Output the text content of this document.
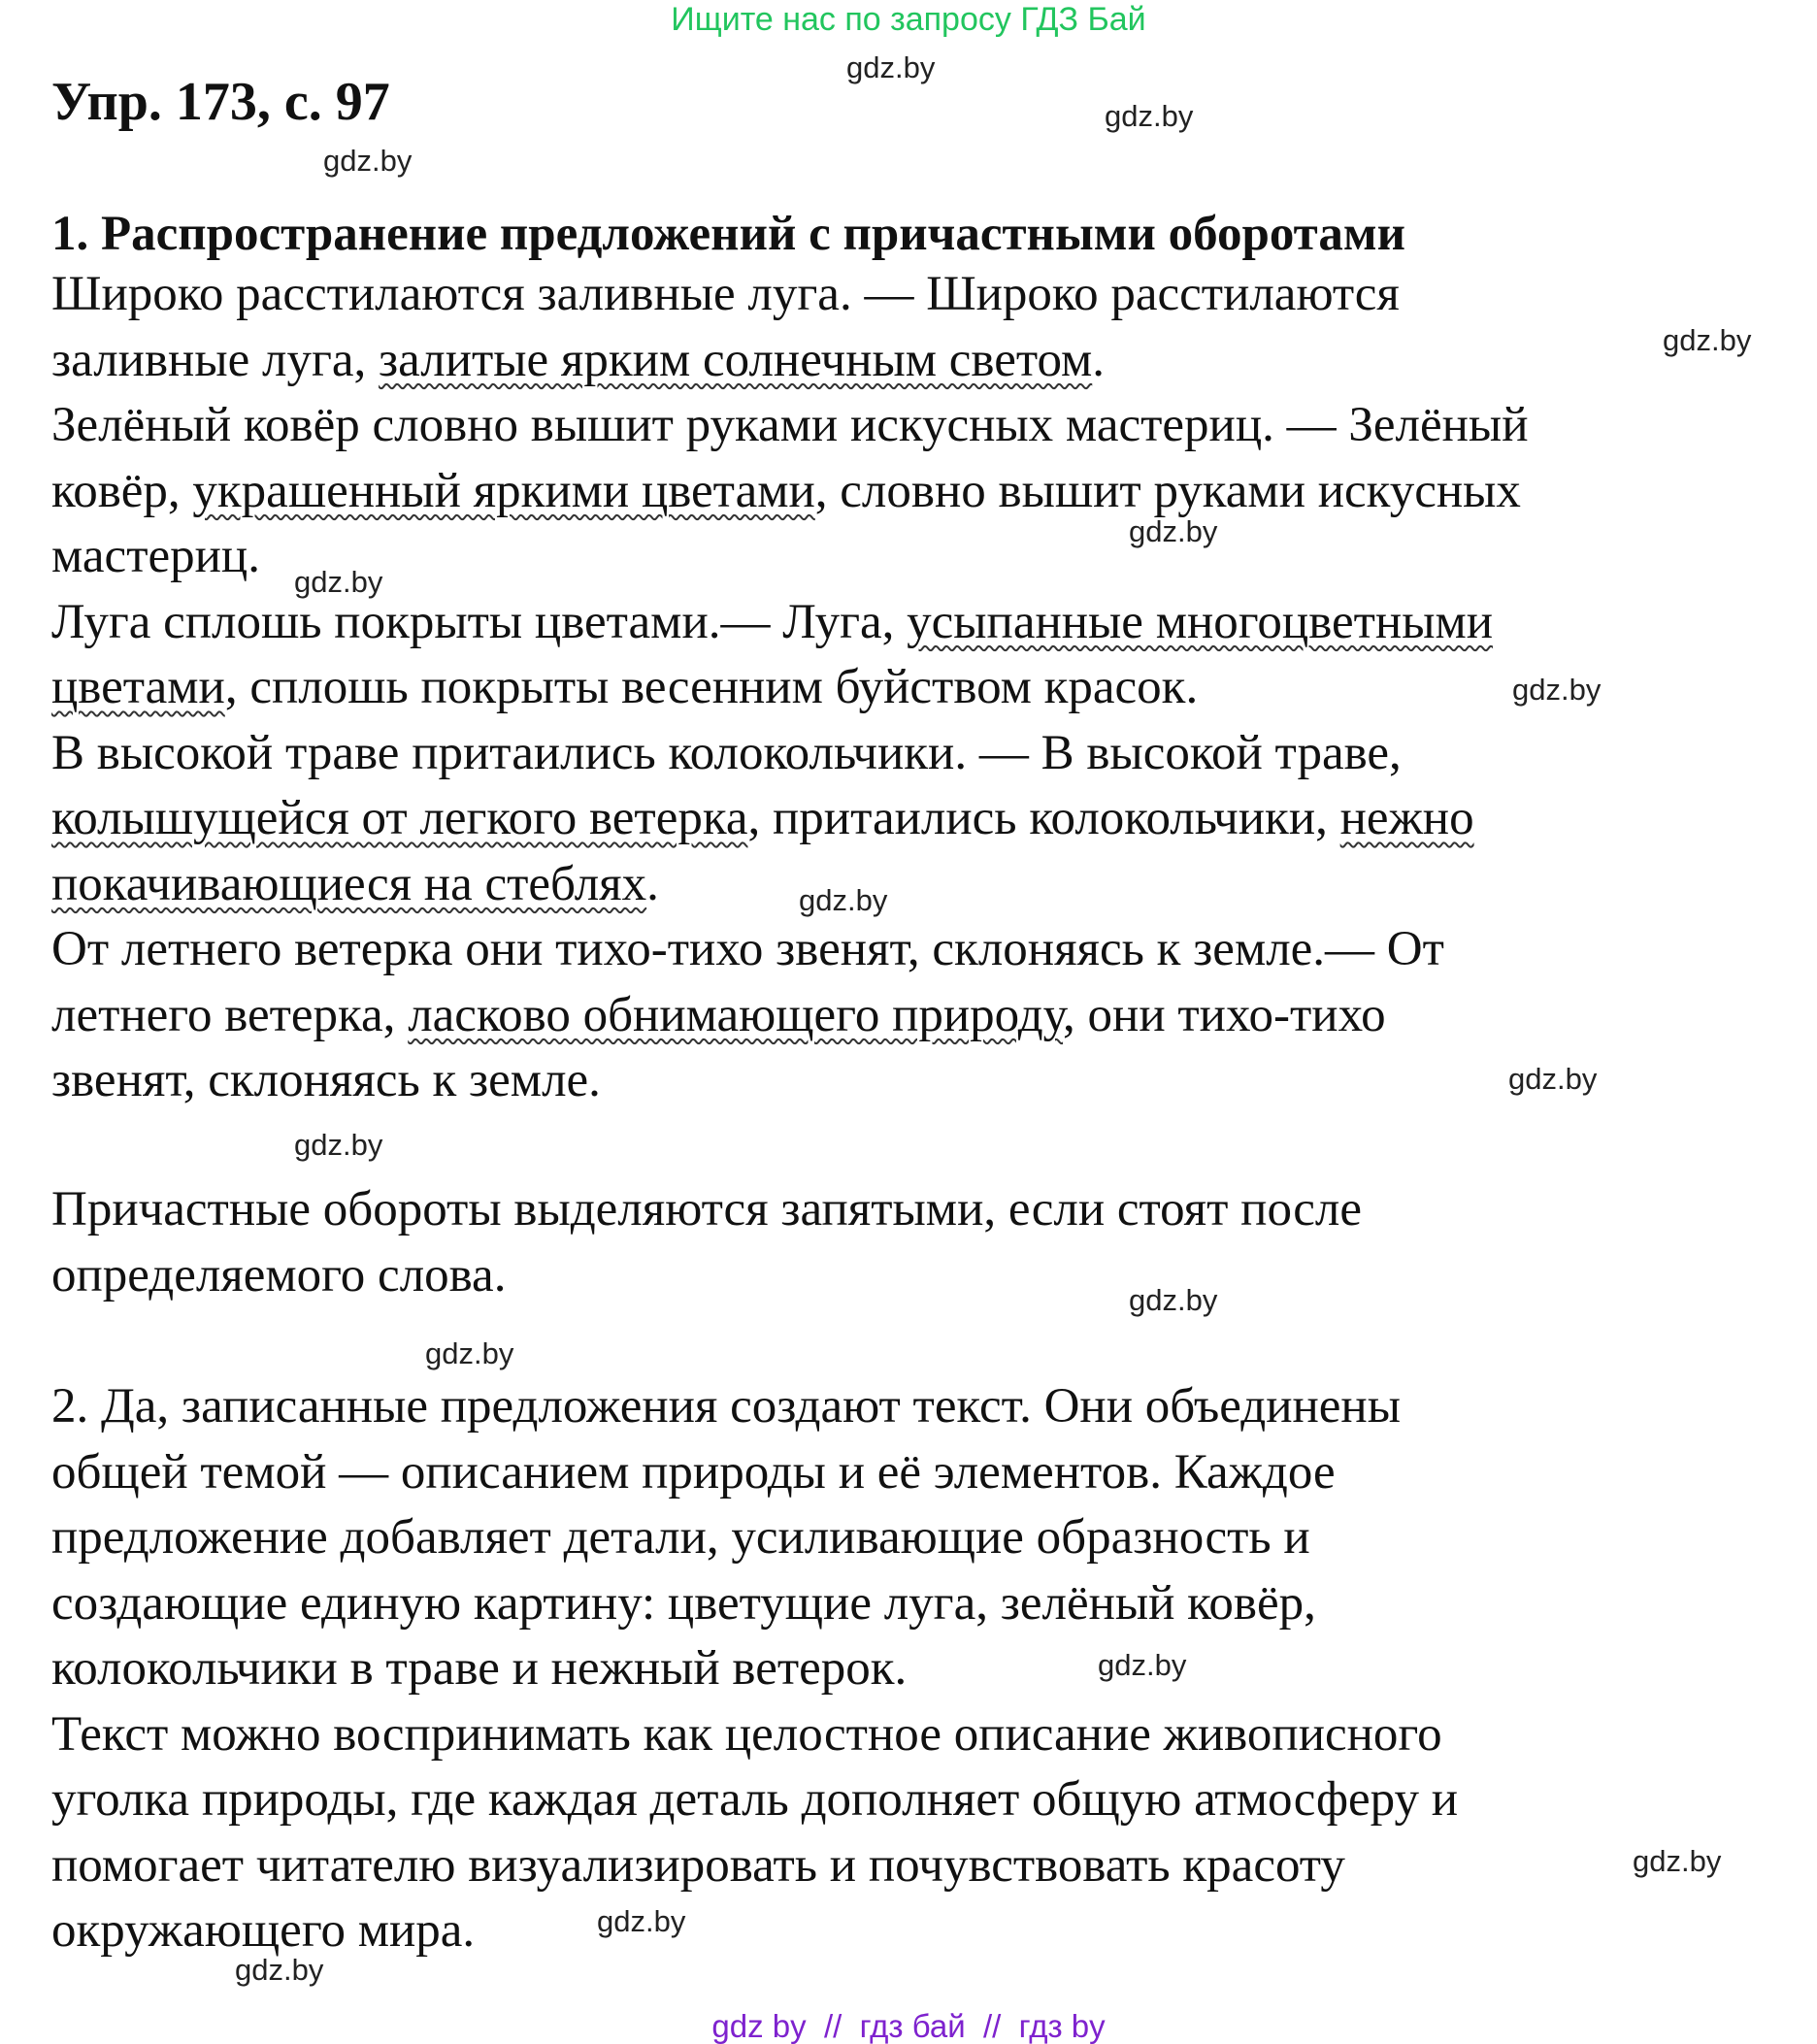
Ищите нас по запросу ГДЗ Бай
Упр. 173, с. 97
1. Распространение предложений с причастными оборотами
Широко расстилаются заливные луга. — Широко расстилаются
заливные луга, залитые ярким солнечным светом.
Зелёный ковёр словно вышит руками искусных мастериц. — Зелёный
ковёр, украшенный яркими цветами, словно вышит руками искусных
мастериц.
Луга сплошь покрыты цветами.— Луга, усыпанные многоцветными
цветами, сплошь покрыты весенним буйством красок.
В высокой траве притаились колокольчики. — В высокой траве,
колышущейся от легкого ветерка, притаились колокольчики, нежно
покачивающиеся на стеблях.
От летнего ветерка они тихо-тихо звенят, склоняясь к земле.— От
летнего ветерка, ласково обнимающего природу, они тихо-тихо
звенят, склоняясь к земле.
Причастные обороты выделяются запятыми, если стоят после
определяемого слова.
2. Да, записанные предложения создают текст. Они объединены
общей темой — описанием природы и её элементов. Каждое
предложение добавляет детали, усиливающие образность и
создающие единую картину: цветущие луга, зелёный ковёр,
колокольчики в траве и нежный ветерок.
Текст можно воспринимать как целостное описание живописного
уголка природы, где каждая деталь дополняет общую атмосферу и
помогает читателю визуализировать и почувствовать красоту
окружающего мира.
gdz.by
gdz.by
gdz.by
gdz.by
gdz.by
gdz.by
gdz.by
gdz.by
gdz.by
gdz.by
gdz.by
gdz.by
gdz.by
gdz.by
gdz.by
gdz.by
gdz by  //  гдз бай  //  гдз by
